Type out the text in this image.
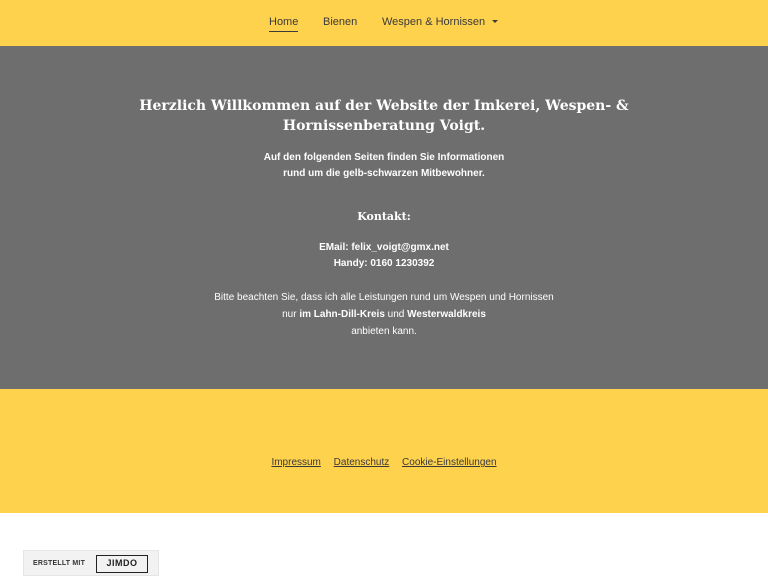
Home Bienen Wespen & Hornissen
Herzlich Willkommen auf der Website der Imkerei, Wespen- &
Hornissenberatung Voigt.

Auf den folgenden Seiten finden Sie Informationen
rund um die gelb-schwarzen Mitbewohner.

Kontakt:

EMail: felix_voigt@gmx.net
Handy: 0160 1230392

Bitte beachten Sie, dass ich alle Leistungen rund um Wespen und Hornissen
nur im Lahn-Dill-Kreis und Westerwaldkreis
anbieten kann.

Impressum Datenschutz Cookie-Einstellungen
ERSTELLT MIT	JIMDO
